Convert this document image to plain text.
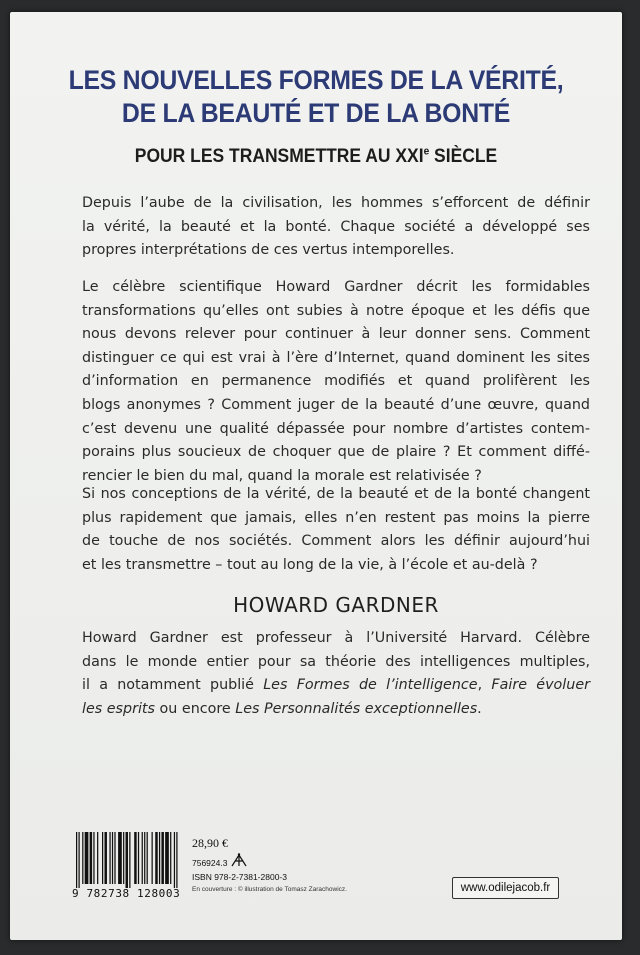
LES NOUVELLES FORMES DE LA VÉRITÉ,
DE LA BEAUTÉ ET DE LA BONTÉ
POUR LES TRANSMETTRE AU XXIe SIÈCLE
Depuis l’aube de la civilisation, les hommes s’efforcent de définir
la vérité, la beauté et la bonté. Chaque société a développé ses
propres interprétations de ces vertus intemporelles.
Le célèbre scientifique Howard Gardner décrit les formidables
transformations qu’elles ont subies à notre époque et les défis que
nous devons relever pour continuer à leur donner sens. Comment
distinguer ce qui est vrai à l’ère d’Internet, quand dominent les sites
d’information en permanence modifiés et quand prolifèrent les
blogs anonymes ? Comment juger de la beauté d’une œuvre, quand
c’est devenu une qualité dépassée pour nombre d’artistes contem-
porains plus soucieux de choquer que de plaire ? Et comment diffé-
rencier le bien du mal, quand la morale est relativisée ?
Si nos conceptions de la vérité, de la beauté et de la bonté changent
plus rapidement que jamais, elles n’en restent pas moins la pierre
de touche de nos sociétés. Comment alors les définir aujourd’hui
et les transmettre – tout au long de la vie, à l’école et au-delà ?
HOWARD GARDNER
Howard Gardner est professeur à l’Université Harvard. Célèbre
dans le monde entier pour sa théorie des intelligences multiples,
il a notamment publié Les Formes de l’intelligence, Faire évoluer
les esprits ou encore Les Personnalités exceptionnelles.
9 782738 128003
28,90 €
756924.3
ISBN 978-2-7381-2800-3
En couverture : © illustration de Tomasz Zarachowicz.	www.odilejacob.fr
